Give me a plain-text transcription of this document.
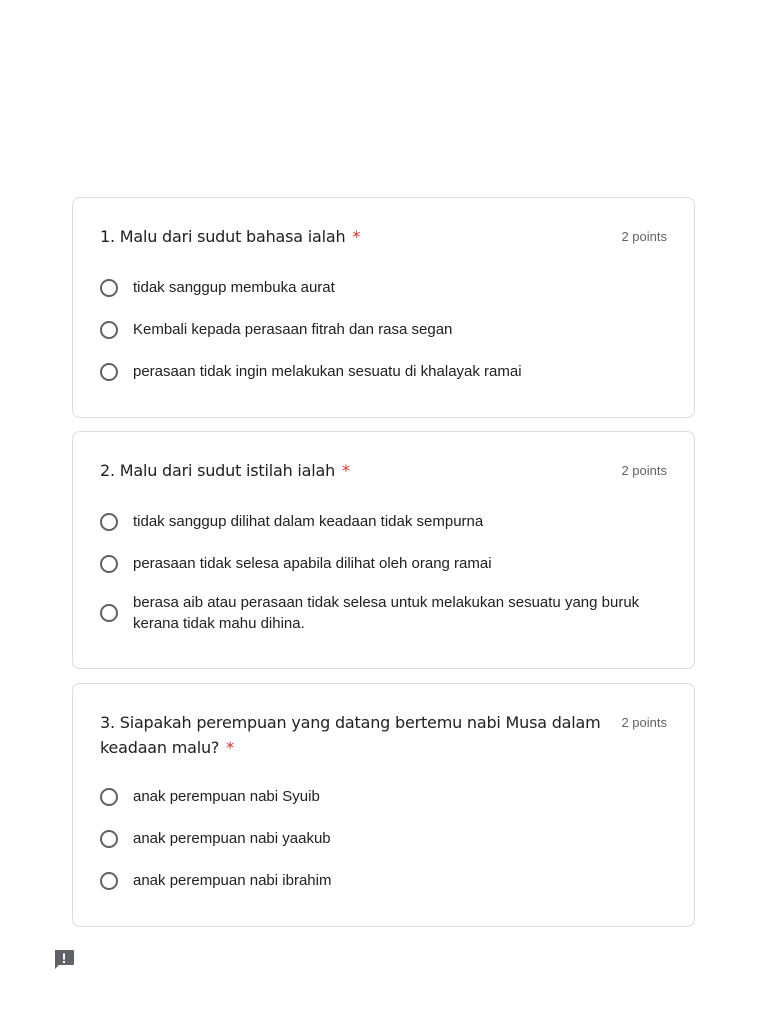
1. Malu dari sudut bahasa ialah *	2 points
tidak sanggup membuka aurat
Kembali kepada perasaan fitrah dan rasa segan
perasaan tidak ingin melakukan sesuatu di khalayak ramai
2. Malu dari sudut istilah ialah *	2 points
tidak sanggup dilihat dalam keadaan tidak sempurna
perasaan tidak selesa apabila dilihat oleh orang ramai
berasa aib atau perasaan tidak selesa untuk melakukan sesuatu yang buruk kerana tidak mahu dihina.
3. Siapakah perempuan yang datang bertemu nabi Musa dalam keadaan malu? *
2 points
anak perempuan nabi Syuib
anak perempuan nabi yaakub
anak perempuan nabi ibrahim
